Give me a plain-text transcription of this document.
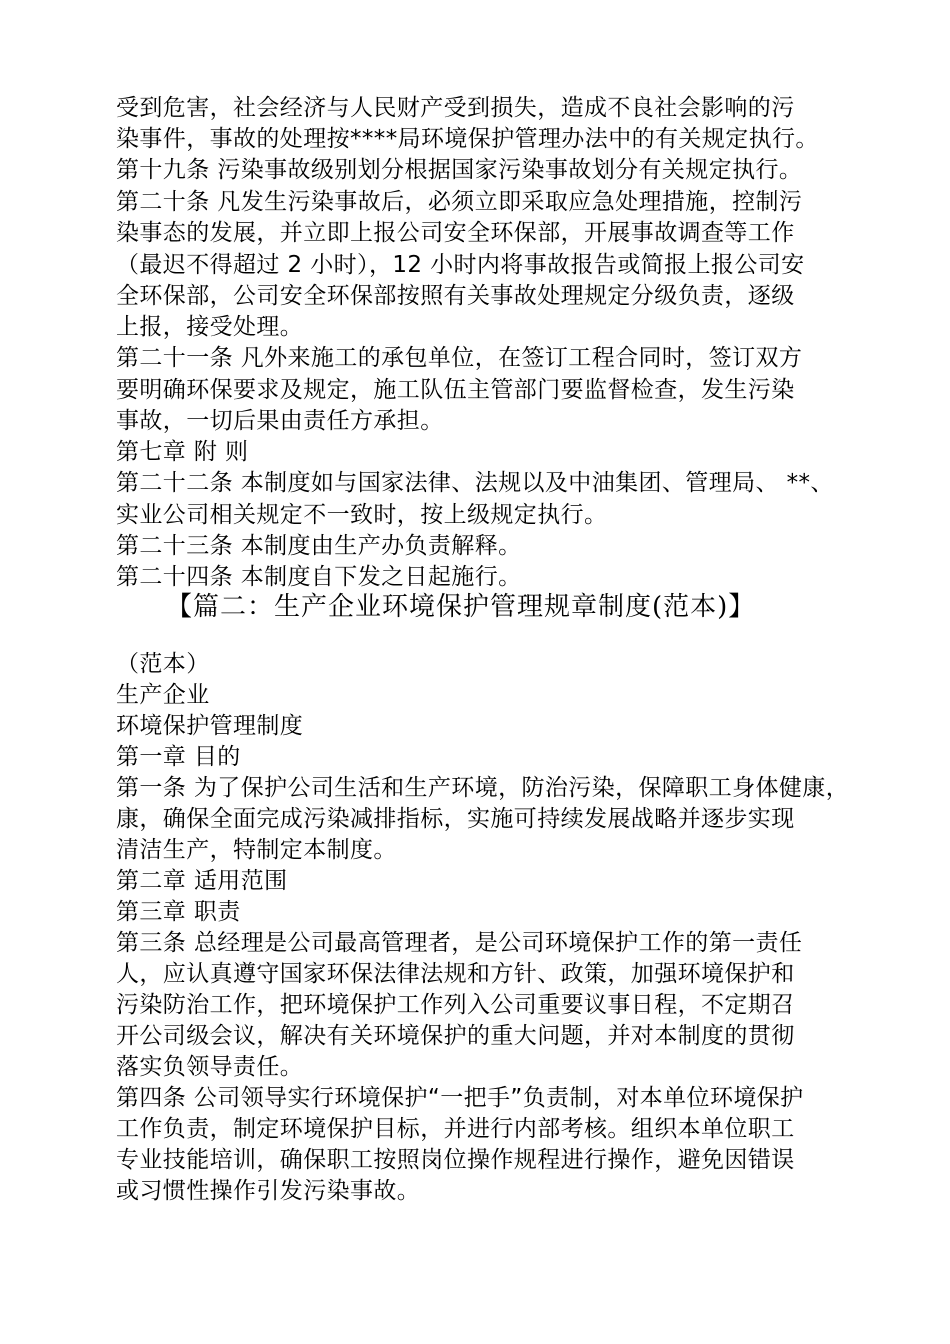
受到危害，社会经济与人民财产受到损失，造成不良社会影响的污
染事件，事故的处理按****局环境保护管理办法中的有关规定执行。
第十九条 污染事故级别划分根据国家污染事故划分有关规定执行。
第二十条 凡发生污染事故后，必须立即采取应急处理措施，控制污
染事态的发展，并立即上报公司安全环保部，开展事故调查等工作
（最迟不得超过 2 小时），12 小时内将事故报告或简报上报公司安
全环保部，公司安全环保部按照有关事故处理规定分级负责，逐级
上报，接受处理。
第二十一条 凡外来施工的承包单位，在签订工程合同时，签订双方
要明确环保要求及规定，施工队伍主管部门要监督检查，发生污染
事故，一切后果由责任方承担。
第七章 附 则
第二十二条 本制度如与国家法律、法规以及中油集团、管理局、 **、
实业公司相关规定不一致时，按上级规定执行。
第二十三条 本制度由生产办负责解释。
第二十四条 本制度自下发之日起施行。
【篇二：生产企业环境保护管理规章制度(范本)】
（范本）
生产企业
环境保护管理制度
第一章 目的
第一条 为了保护公司生活和生产环境，防治污染，保障职工身体健康，
康，确保全面完成污染减排指标，实施可持续发展战略并逐步实现
清洁生产，特制定本制度。
第二章 适用范围
第三章 职责
第三条 总经理是公司最高管理者，是公司环境保护工作的第一责任
人，应认真遵守国家环保法律法规和方针、政策，加强环境保护和
污染防治工作，把环境保护工作列入公司重要议事日程，不定期召
开公司级会议，解决有关环境保护的重大问题，并对本制度的贯彻
落实负领导责任。
第四条 公司领导实行环境保护“一把手”负责制，对本单位环境保护
工作负责，制定环境保护目标，并进行内部考核。组织本单位职工
专业技能培训，确保职工按照岗位操作规程进行操作，避免因错误
或习惯性操作引发污染事故。
